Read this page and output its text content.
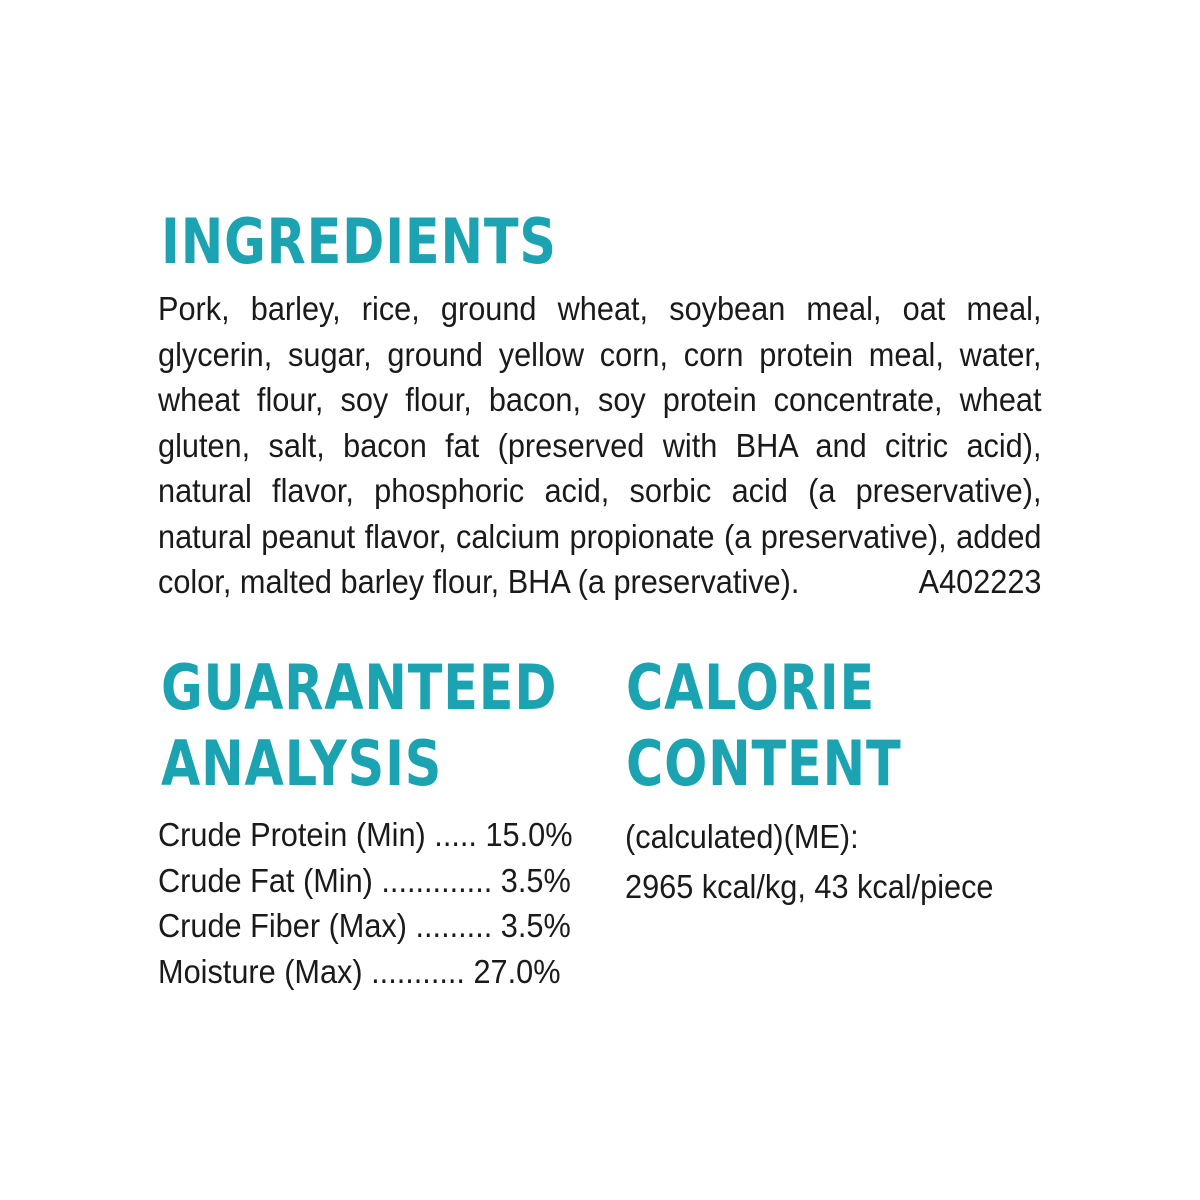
INGREDIENTS

Pork, barley, rice, ground wheat, soybean meal, oat meal, glycerin, sugar, ground yellow corn, corn protein meal, water, wheat flour, soy flour, bacon, soy protein concentrate, wheat gluten, salt, bacon fat (preserved with BHA and citric acid), natural flavor, phosphoric acid, sorbic acid (a preservative), natural peanut flavor, calcium propionate (a preservative), added color, malted barley flour, BHA (a preservative).	A402223

GUARANTEED
ANALYSIS
Crude Protein (Min) ..... 15.0%
Crude Fat (Min) ............. 3.5%
Crude Fiber (Max) ......... 3.5%
Moisture (Max) ........... 27.0%
CALORIE
CONTENT

(calculated)(ME):
2965 kcal/kg, 43 kcal/piece
